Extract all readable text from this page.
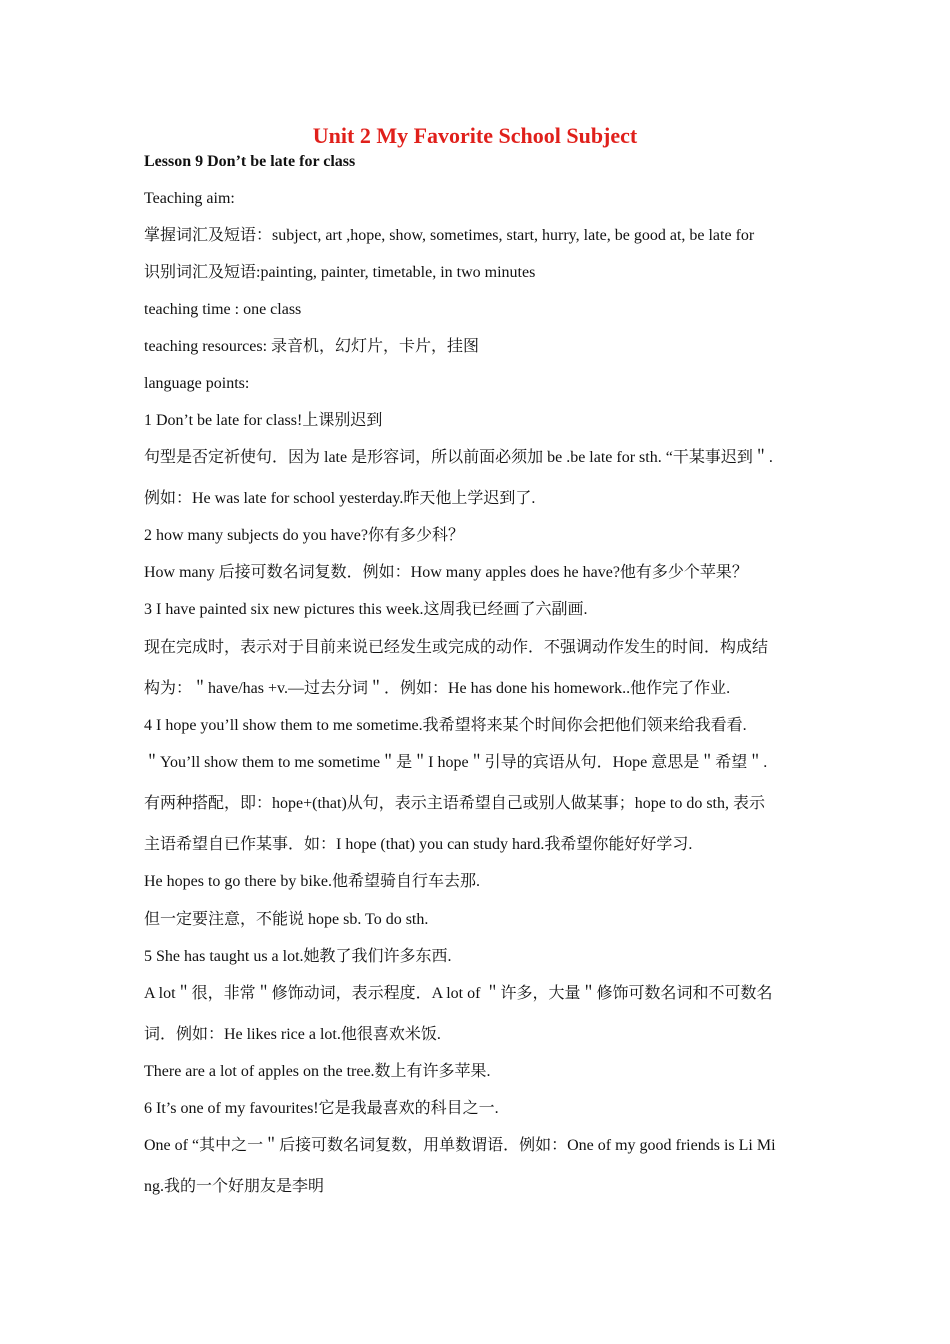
Unit 2 My Favorite School Subject
Lesson 9 Don’t be late for class
Teaching aim:
掌握词汇及短语：subject, art ,hope, show, sometimes, start, hurry, late, be good at, be late for
识别词汇及短语:painting, painter, timetable, in two minutes
teaching time : one class
teaching resources: 录音机，幻灯片，卡片，挂图
language points:
1 Don’t be late for class!上课别迟到
句型是否定祈使句．因为 late 是形容词，所以前面必须加 be .be late for sth. “干某事迟到＂.
例如：He was late for school yesterday.昨天他上学迟到了.
2 how many subjects do you have?你有多少科？
How many 后接可数名词复数．例如：How many apples does he have?他有多少个苹果？
3 I have painted six new pictures this week.这周我已经画了六副画.
现在完成时，表示对于目前来说已经发生或完成的动作．不强调动作发生的时间．构成结
构为：＂have/has +v.—过去分词＂．例如：He has done his homework..他作完了作业.
4 I hope you’ll show them to me sometime.我希望将来某个时间你会把他们领来给我看看.
＂You’ll show them to me sometime＂是＂I hope＂引导的宾语从句．Hope 意思是＂希望＂.
有两种搭配，即：hope+(that)从句，表示主语希望自己或别人做某事；hope to do sth, 表示
主语希望自已作某事．如：I hope (that) you can study hard.我希望你能好好学习.
He hopes to go there by bike.他希望骑自行车去那.
但一定要注意，不能说 hope sb. To do sth.
5 She has taught us a lot.她教了我们许多东西.
A lot＂很，非常＂修饰动词，表示程度．A lot of ＂许多，大量＂修饰可数名词和不可数名
词．例如：He likes rice a lot.他很喜欢米饭.
There are a lot of apples on the tree.数上有许多苹果.
6 It’s one of my favourites!它是我最喜欢的科目之一.
One of “其中之一＂后接可数名词复数，用单数谓语．例如：One of my good friends is Li Mi
ng.我的一个好朋友是李明
